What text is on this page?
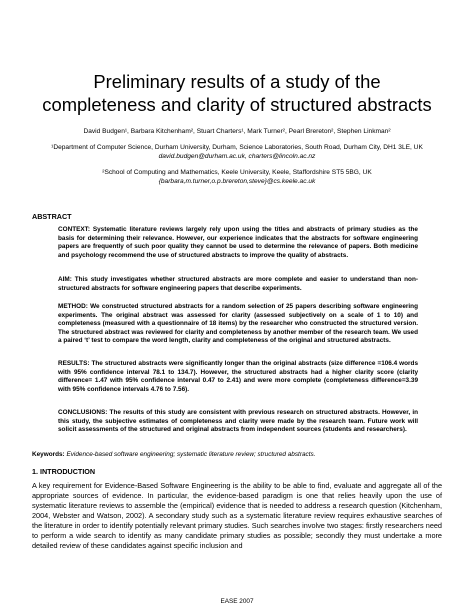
Preliminary results of a study of the
completeness and clarity of structured abstracts
David Budgen¹, Barbara Kitchenham², Stuart Charters¹, Mark Turner², Pearl Brereton², Stephen Linkman²
¹Department of Computer Science, Durham University, Durham, Science Laboratories, South Road, Durham City, DH1 3LE, UK
david.budgen@durham.ac.uk, charters@lincoln.ac.nz
²School of Computing and Mathematics, Keele University, Keele, Staffordshire ST5 5BG, UK
{barbara,m.turner,o.p.brereton,steve}@cs.keele.ac.uk
ABSTRACT
CONTEXT: Systematic literature reviews largely rely upon using the titles and abstracts of primary studies as the basis for determining their relevance. However, our experience indicates that the abstracts for software engineering papers are frequently of such poor quality they cannot be used to determine the relevance of papers. Both medicine and psychology recommend the use of structured abstracts to improve the quality of abstracts.
AIM: This study investigates whether structured abstracts are more complete and easier to understand than non-structured abstracts for software engineering papers that describe experiments.
METHOD: We constructed structured abstracts for a random selection of 25 papers describing software engineering experiments. The original abstract was assessed for clarity (assessed subjectively on a scale of 1 to 10) and completeness (measured with a questionnaire of 18 items) by the researcher who constructed the structured version. The structured abstract was reviewed for clarity and completeness by another member of the research team. We used a paired ‘t’ test to compare the word length, clarity and completeness of the original and structured abstracts.
RESULTS: The structured abstracts were significantly longer than the original abstracts (size difference =106.4 words with 95% confidence interval 78.1 to 134.7). However, the structured abstracts had a higher clarity score (clarity difference= 1.47 with 95% confidence interval 0.47 to 2.41) and were more complete (completeness difference=3.39 with 95% confidence intervals 4.76 to 7.56).
CONCLUSIONS: The results of this study are consistent with previous research on structured abstracts. However, in this study, the subjective estimates of completeness and clarity were made by the research team. Future work will solicit assessments of the structured and original abstracts from independent sources (students and researchers).
Keywords: Evidence-based software engineering; systematic literature review; structured abstracts.
1. INTRODUCTION
A key requirement for Evidence-Based Software Engineering is the ability to be able to find, evaluate and aggregate all of the appropriate sources of evidence. In particular, the evidence-based paradigm is one that relies heavily upon the use of systematic literature reviews to assemble the (empirical) evidence that is needed to address a research question (Kitchenham, 2004, Webster and Watson, 2002). A secondary study such as a systematic literature review requires exhaustive searches of the literature in order to identify potentially relevant primary studies. Such searches involve two stages: firstly researchers need to perform a wide search to identify as many candidate primary studies as possible; secondly they must undertake a more detailed review of these candidates against specific inclusion and
EASE 2007
